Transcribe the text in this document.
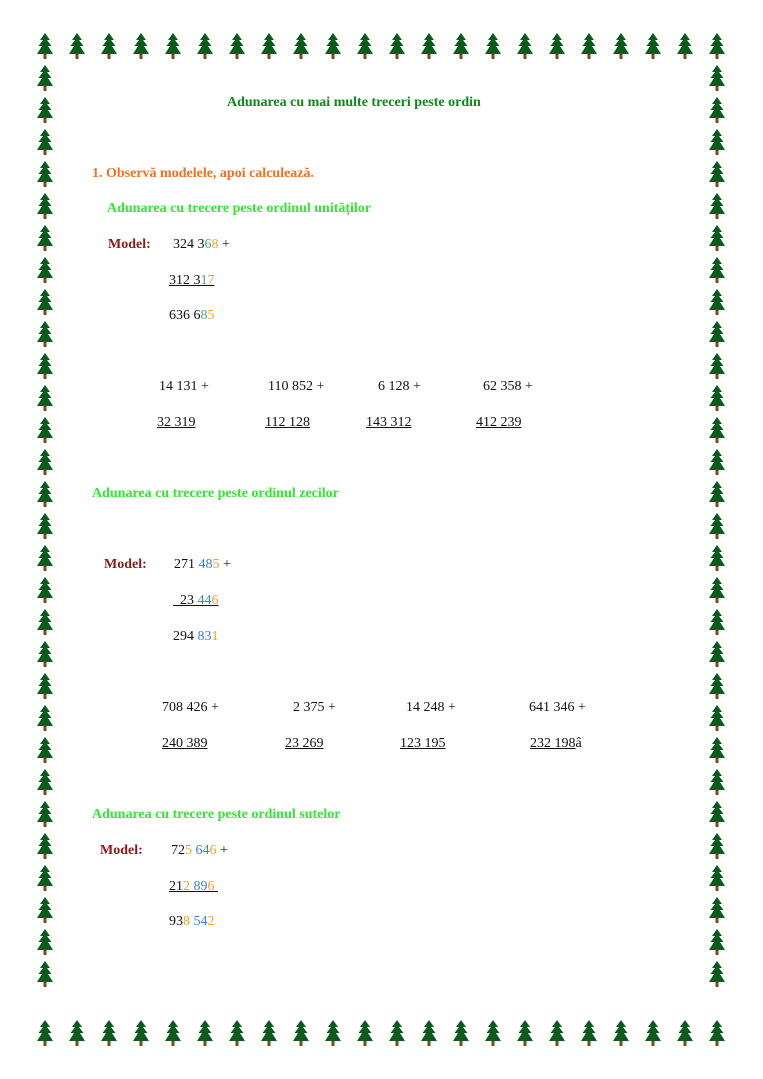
Adunarea cu mai multe treceri peste ordin
1. Observă modelele, apoi calculează.
Adunarea cu trecere peste ordinul unităților
Model: 324 368 +
312 317
636 685
14 131 +	110 852 +	6 128 +	62 358 +
32 319	112 128	143 312	412 239
Adunarea cu trecere peste ordinul zecilor
Model: 271 485 +
23 446
294 831
708 426 +	2 375 +	14 248 +	641 346 +
240 389	23 269	123 195	232 198â
Adunarea cu trecere peste ordinul sutelor
Model: 725 646 +
212 896
938 542
